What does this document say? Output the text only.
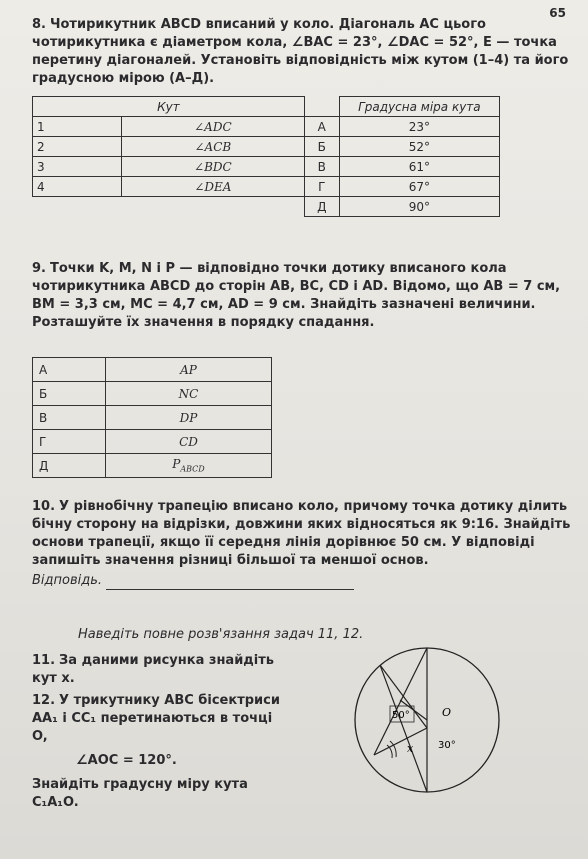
65
8. Чотирикутник ABCD вписаний у коло. Діагональ AC цього чотирикутника є діаметром кола, ∠BAC = 23°, ∠DAC = 52°, E — точка перетину діагоналей. Установіть відповідність між кутом (1–4) та його градусною мірою (А–Д).
Кут			Градусна міра кута
1	∠ADC	А	23°
2	∠ACB	Б	52°
3	∠BDC	В	61°
4	∠DEA	Г	67°
		Д	90°
9. Точки K, M, N і P — відповідно точки дотику вписаного кола чотирикутника ABCD до сторін AB, BC, CD і AD. Відомо, що AB = 7 см, BM = 3,3 см, MC = 4,7 см, AD = 9 см. Знайдіть зазначені величини. Розташуйте їх значення в порядку спадання.
А	AP
Б	NC
В	DP
Г	CD
Д	$P_{ABCD}$
10. У рівнобічну трапецію вписано коло, причому точка дотику ділить бічну сторону на відрізки, довжини яких відносяться як 9:16. Знайдіть основи трапеції, якщо її середня лінія дорівнює 50 см. У відповіді запишіть значення різниці більшої та меншої основ.
Відповідь.
Наведіть повне розв'язання задач 11, 12.
11. За даними рисунка знайдіть кут x.
12. У трикутнику ABC бісектриси AA₁ і CC₁ перетинаються в точці O,
∠AOC = 120°.
Знайдіть градусну міру кута C₁A₁O.
50°	O
30°
x
